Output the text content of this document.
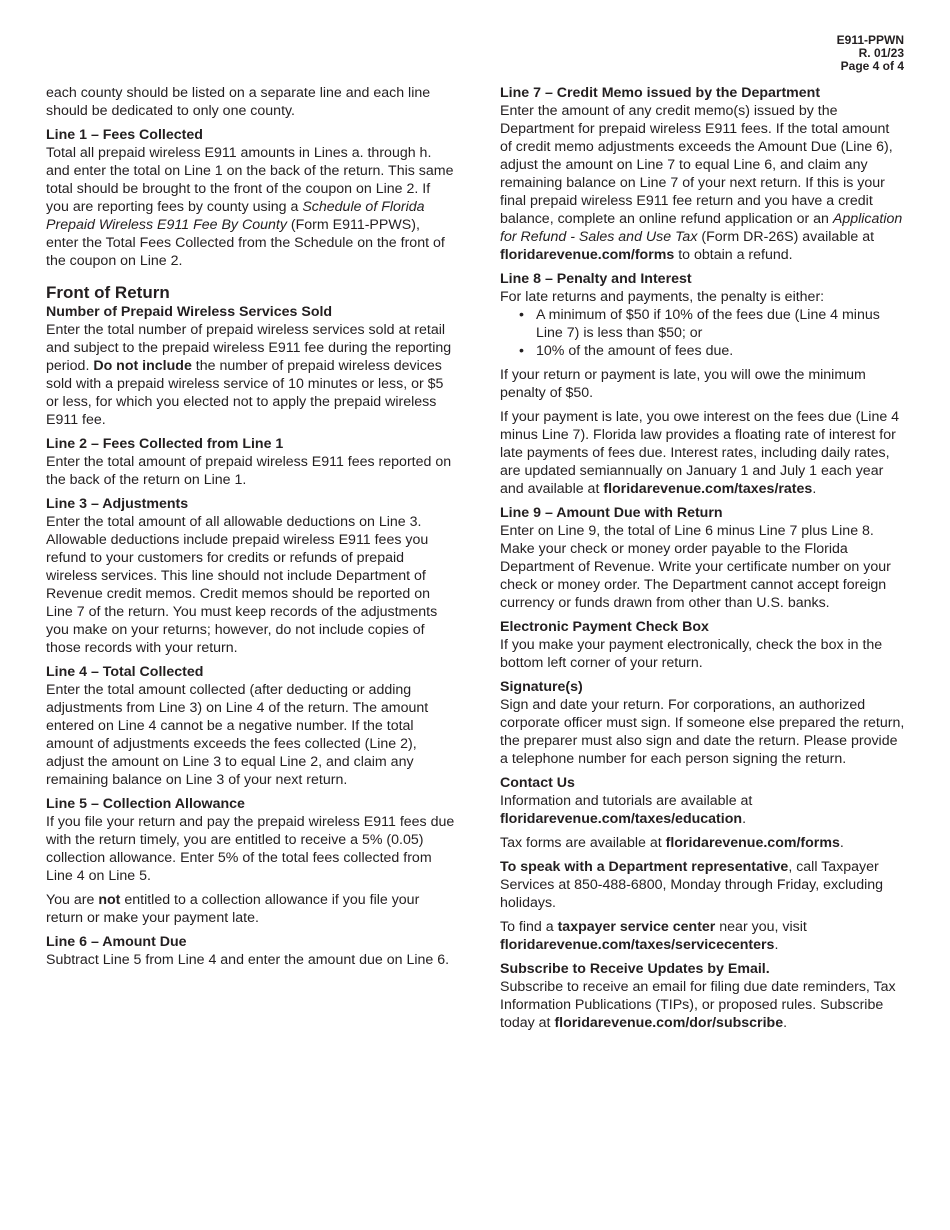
E911-PPWN
R. 01/23
Page 4 of 4

each county should be listed on a separate line and each line should be dedicated to only one county.

Line 1 – Fees Collected

Total all prepaid wireless E911 amounts in Lines a. through h. and enter the total on Line 1 on the back of the return. This same total should be brought to the front of the coupon on Line 2. If you are reporting fees by county using a Schedule of Florida Prepaid Wireless E911 Fee By County (Form E911-PPWS), enter the Total Fees Collected from the Schedule on the front of the coupon on Line 2.

Front of Return
Number of Prepaid Wireless Services Sold

Enter the total number of prepaid wireless services sold at retail and subject to the prepaid wireless E911 fee during the reporting period. Do not include the number of prepaid wireless devices sold with a prepaid wireless service of 10 minutes or less, or $5 or less, for which you elected not to apply the prepaid wireless E911 fee.

Line 2 – Fees Collected from Line 1

Enter the total amount of prepaid wireless E911 fees reported on the back of the return on Line 1.

Line 3 – Adjustments

Enter the total amount of all allowable deductions on Line 3. Allowable deductions include prepaid wireless E911 fees you refund to your customers for credits or refunds of prepaid wireless services. This line should not include Department of Revenue credit memos. Credit memos should be reported on Line 7 of the return. You must keep records of the adjustments you make on your returns; however, do not include copies of those records with your return.

Line 4 – Total Collected

Enter the total amount collected (after deducting or adding adjustments from Line 3) on Line 4 of the return. The amount entered on Line 4 cannot be a negative number. If the total amount of adjustments exceeds the fees collected (Line 2), adjust the amount on Line 3 to equal Line 2, and claim any remaining balance on Line 3 of your next return.

Line 5 – Collection Allowance

If you file your return and pay the prepaid wireless E911 fees due with the return timely, you are entitled to receive a 5% (0.05) collection allowance. Enter 5% of the total fees collected from Line 4 on Line 5.

You are not entitled to a collection allowance if you file your return or make your payment late.

Line 6 – Amount Due

Subtract Line 5 from Line 4 and enter the amount due on Line 6.

Line 7 – Credit Memo issued by the Department

Enter the amount of any credit memo(s) issued by the Department for prepaid wireless E911 fees. If the total amount of credit memo adjustments exceeds the Amount Due (Line 6), adjust the amount on Line 7 to equal Line 6, and claim any remaining balance on Line 7 of your next return. If this is your final prepaid wireless E911 fee return and you have a credit balance, complete an online refund application or an Application for Refund - Sales and Use Tax (Form DR-26S) available at floridarevenue.com/forms to obtain a refund.

Line 8 – Penalty and Interest

For late returns and payments, the penalty is either:

• A minimum of $50 if 10% of the fees due (Line 4 minus Line 7) is less than $50; or
• 10% of the amount of fees due.

If your return or payment is late, you will owe the minimum penalty of $50.

If your payment is late, you owe interest on the fees due (Line 4 minus Line 7). Florida law provides a floating rate of interest for late payments of fees due. Interest rates, including daily rates, are updated semiannually on January 1 and July 1 each year and available at floridarevenue.com/taxes/rates.

Line 9 – Amount Due with Return

Enter on Line 9, the total of Line 6 minus Line 7 plus Line 8. Make your check or money order payable to the Florida Department of Revenue. Write your certificate number on your check or money order. The Department cannot accept foreign currency or funds drawn from other than U.S. banks.

Electronic Payment Check Box

If you make your payment electronically, check the box in the bottom left corner of your return.

Signature(s)

Sign and date your return. For corporations, an authorized corporate officer must sign. If someone else prepared the return, the preparer must also sign and date the return. Please provide a telephone number for each person signing the return.

Contact Us

Information and tutorials are available at floridarevenue.com/taxes/education.

Tax forms are available at floridarevenue.com/forms.

To speak with a Department representative, call Taxpayer Services at 850-488-6800, Monday through Friday, excluding holidays.

To find a taxpayer service center near you, visit floridarevenue.com/taxes/servicecenters.

Subscribe to Receive Updates by Email.

Subscribe to receive an email for filing due date reminders, Tax Information Publications (TIPs), or proposed rules. Subscribe today at floridarevenue.com/dor/subscribe.
